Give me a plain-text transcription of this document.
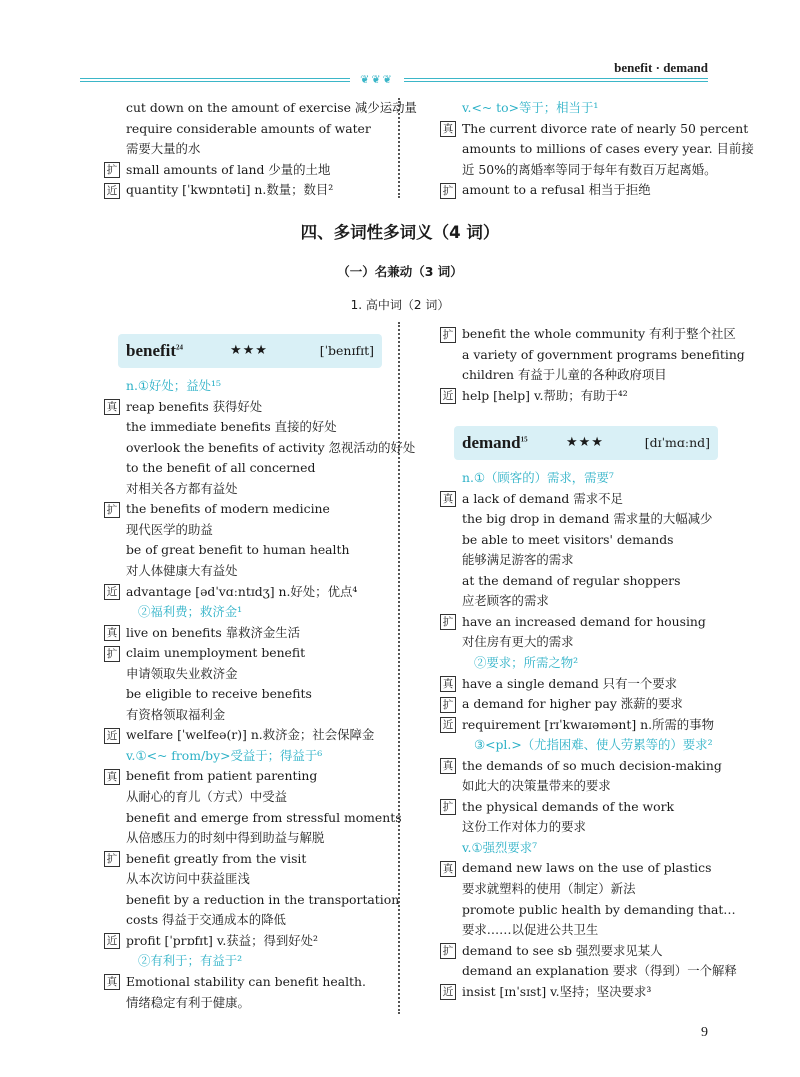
benefit · demand
❦❦❦
四、多词性多词义（4 词）
（一）名兼动（3 词）
1. 高中词（2 词）
benefit$^{24}$	★★★	[ˈbenɪfɪt]
demand$^{15}$	★★★	[dɪˈmɑːnd]
cut down on the amount of exercise 减少运动量
require considerable amounts of water
需要大量的水
扩 small amounts of land 少量的土地
近 quantity [ˈkwɒntəti] n.数量；数目²
v.<~ to>等于；相当于¹
真 The current divorce rate of nearly 50 percent
amounts to millions of cases every year. 目前接
近 50%的离婚率等同于每年有数百万起离婚。
扩 amount to a refusal 相当于拒绝
n.①好处；益处¹⁵
真 reap benefits 获得好处
the immediate benefits 直接的好处
overlook the benefits of activity 忽视活动的好处
to the benefit of all concerned
对相关各方都有益处
扩 the benefits of modern medicine
现代医学的助益
be of great benefit to human health
对人体健康大有益处
近 advantage [ədˈvɑːntɪdʒ] n.好处；优点⁴
②福利费；救济金¹
真 live on benefits 靠救济金生活
扩 claim unemployment benefit
申请领取失业救济金
be eligible to receive benefits
有资格领取福利金
近 welfare [ˈwelfeə(r)] n.救济金；社会保障金
v.①<~ from/by>受益于；得益于⁶
真 benefit from patient parenting
从耐心的育儿（方式）中受益
benefit and emerge from stressful moments
从倍感压力的时刻中得到助益与解脱
扩 benefit greatly from the visit
从本次访问中获益匪浅
benefit by a reduction in the transportation
costs 得益于交通成本的降低
近 profit [ˈprɒfɪt] v.获益；得到好处²
②有利于；有益于²
真 Emotional stability can benefit health.
情绪稳定有利于健康。
扩 benefit the whole community 有利于整个社区
a variety of government programs benefiting
children 有益于儿童的各种政府项目
近 help [help] v.帮助；有助于⁴²
n.①（顾客的）需求，需要⁷
真 a lack of demand 需求不足
the big drop in demand 需求量的大幅减少
be able to meet visitors' demands
能够满足游客的需求
at the demand of regular shoppers
应老顾客的需求
扩 have an increased demand for housing
对住房有更大的需求
②要求；所需之物²
真 have a single demand 只有一个要求
扩 a demand for higher pay 涨薪的要求
近 requirement [rɪˈkwaɪəmənt] n.所需的事物
③<pl.>（尤指困难、使人劳累等的）要求²
真 the demands of so much decision-making
如此大的决策量带来的要求
扩 the physical demands of the work
这份工作对体力的要求
v.①强烈要求⁷
真 demand new laws on the use of plastics
要求就塑料的使用（制定）新法
promote public health by demanding that…
要求……以促进公共卫生
扩 demand to see sb 强烈要求见某人
demand an explanation 要求（得到）一个解释
近 insist [ɪnˈsɪst] v.坚持；坚决要求³
9
